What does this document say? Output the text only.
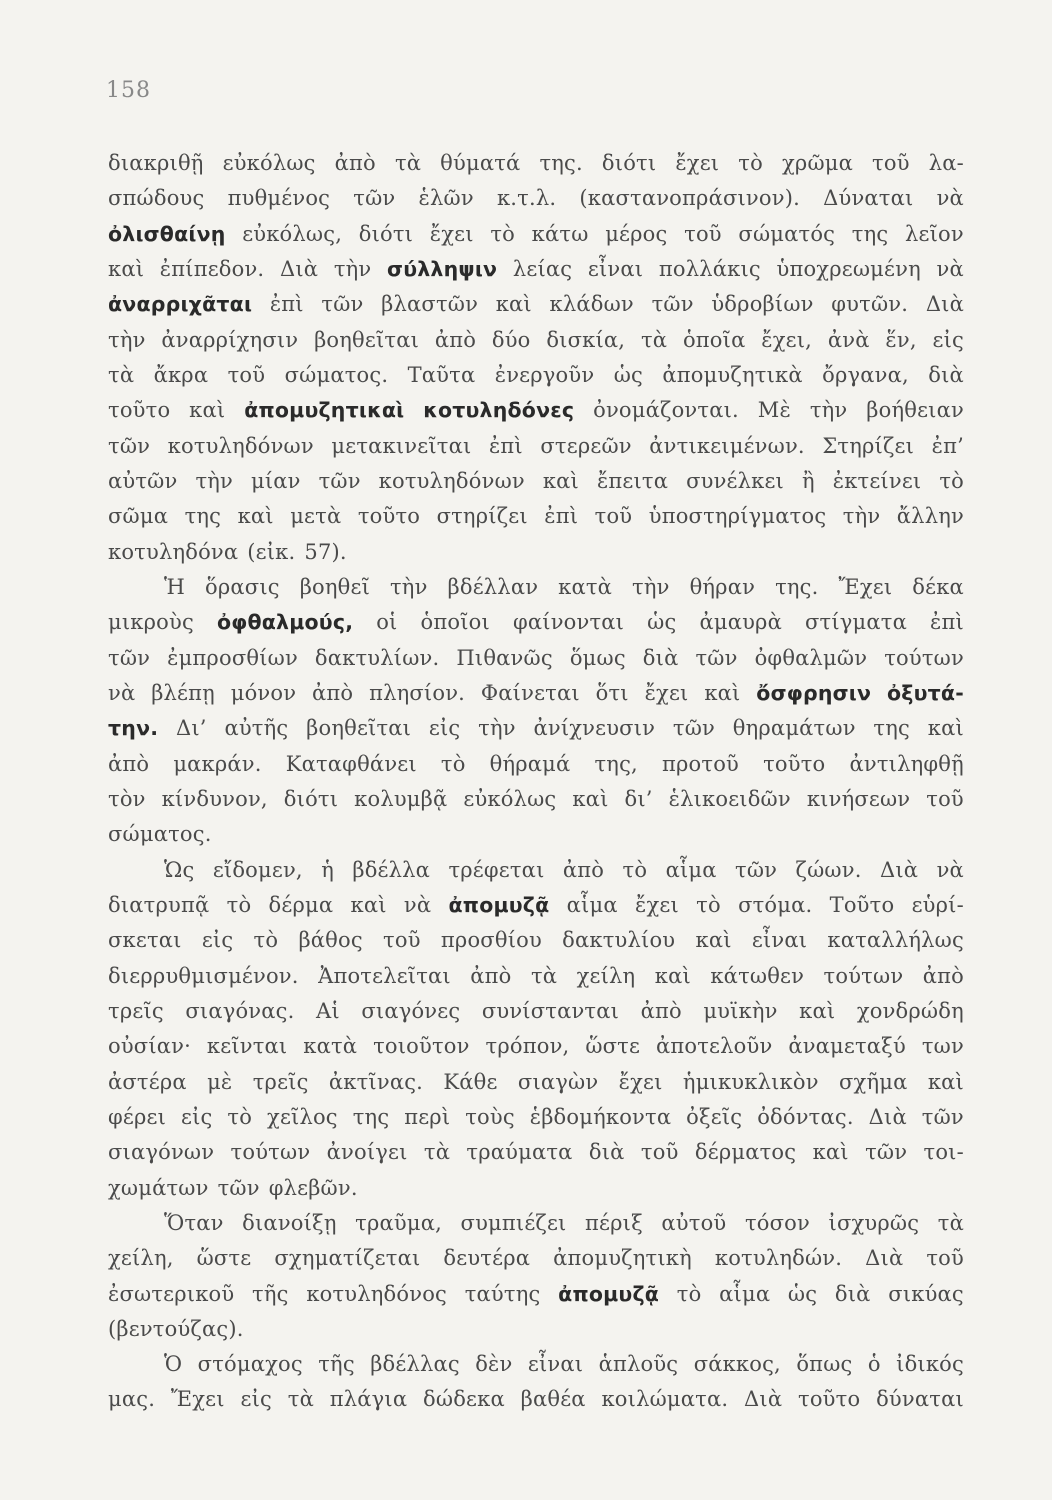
158
διακριθῇ εὐκόλως ἀπὸ τὰ θύματά της. διότι ἔχει τὸ χρῶμα τοῦ λα-
σπώδους πυθμένος τῶν ἑλῶν κ.τ.λ. (καστανοπράσινον). Δύναται νὰ
ὀλισθαίνῃ εὐκόλως, διότι ἔχει τὸ κάτω μέρος τοῦ σώματός της λεῖον
καὶ ἐπίπεδον. Διὰ τὴν σύλληψιν λείας εἶναι πολλάκις ὑποχρεωμένη νὰ
ἀναρριχᾶται ἐπὶ τῶν βλαστῶν καὶ κλάδων τῶν ὑδροβίων φυτῶν. Διὰ
τὴν ἀναρρίχησιν βοηθεῖται ἀπὸ δύο δισκία, τὰ ὁποῖα ἔχει, ἀνὰ ἕν, εἰς
τὰ ἄκρα τοῦ σώματος. Ταῦτα ἐνεργοῦν ὡς ἀπομυζητικὰ ὄργανα, διὰ
τοῦτο καὶ ἀπομυζητικαὶ κοτυληδόνες ὀνομάζονται. Μὲ τὴν βοήθειαν
τῶν κοτυληδόνων μετακινεῖται ἐπὶ στερεῶν ἀντικειμένων. Στηρίζει ἐπ’
αὐτῶν τὴν μίαν τῶν κοτυληδόνων καὶ ἔπειτα συνέλκει ἢ ἐκτείνει τὸ
σῶμα της καὶ μετὰ τοῦτο στηρίζει ἐπὶ τοῦ ὑποστηρίγματος τὴν ἄλλην
κοτυληδόνα (εἰκ. 57).
Ἡ ὅρασις βοηθεῖ τὴν βδέλλαν κατὰ τὴν θήραν της. Ἔχει δέκα
μικροὺς ὀφθαλμούς, οἱ ὁποῖοι φαίνονται ὡς ἀμαυρὰ στίγματα ἐπὶ
τῶν ἐμπροσθίων δακτυλίων. Πιθανῶς ὅμως διὰ τῶν ὀφθαλμῶν τούτων
νὰ βλέπῃ μόνον ἀπὸ πλησίον. Φαίνεται ὅτι ἔχει καὶ ὄσφρησιν ὀξυτά-
την. Δι’ αὐτῆς βοηθεῖται εἰς τὴν ἀνίχνευσιν τῶν θηραμάτων της καὶ
ἀπὸ μακράν. Καταφθάνει τὸ θήραμά της, προτοῦ τοῦτο ἀντιληφθῇ
τὸν κίνδυνον, διότι κολυμβᾷ εὐκόλως καὶ δι’ ἑλικοειδῶν κινήσεων τοῦ
σώματος.
Ὡς εἴδομεν, ἡ βδέλλα τρέφεται ἀπὸ τὸ αἷμα τῶν ζώων. Διὰ νὰ
διατρυπᾷ τὸ δέρμα καὶ νὰ ἀπομυζᾷ αἷμα ἔχει τὸ στόμα. Τοῦτο εὑρί-
σκεται εἰς τὸ βάθος τοῦ προσθίου δακτυλίου καὶ εἶναι καταλλήλως
διερρυθμισμένον. Ἀποτελεῖται ἀπὸ τὰ χείλη καὶ κάτωθεν τούτων ἀπὸ
τρεῖς σιαγόνας. Αἱ σιαγόνες συνίστανται ἀπὸ μυϊκὴν καὶ χονδρώδη
οὐσίαν· κεῖνται κατὰ τοιοῦτον τρόπον, ὥστε ἀποτελοῦν ἀναμεταξύ των
ἀστέρα μὲ τρεῖς ἀκτῖνας. Κάθε σιαγὼν ἔχει ἡμικυκλικὸν σχῆμα καὶ
φέρει εἰς τὸ χεῖλος της περὶ τοὺς ἑβδομήκοντα ὀξεῖς ὀδόντας. Διὰ τῶν
σιαγόνων τούτων ἀνοίγει τὰ τραύματα διὰ τοῦ δέρματος καὶ τῶν τοι-
χωμάτων τῶν φλεβῶν.
Ὅταν διανοίξῃ τραῦμα, συμπιέζει πέριξ αὐτοῦ τόσον ἰσχυρῶς τὰ
χείλη, ὥστε σχηματίζεται δευτέρα ἀπομυζητικὴ κοτυληδών. Διὰ τοῦ
ἐσωτερικοῦ τῆς κοτυληδόνος ταύτης ἀπομυζᾷ τὸ αἷμα ὡς διὰ σικύας
(βεντούζας).
Ὁ στόμαχος τῆς βδέλλας δὲν εἶναι ἁπλοῦς σάκκος, ὅπως ὁ ἰδικός
μας. Ἔχει εἰς τὰ πλάγια δώδεκα βαθέα κοιλώματα. Διὰ τοῦτο δύναται
